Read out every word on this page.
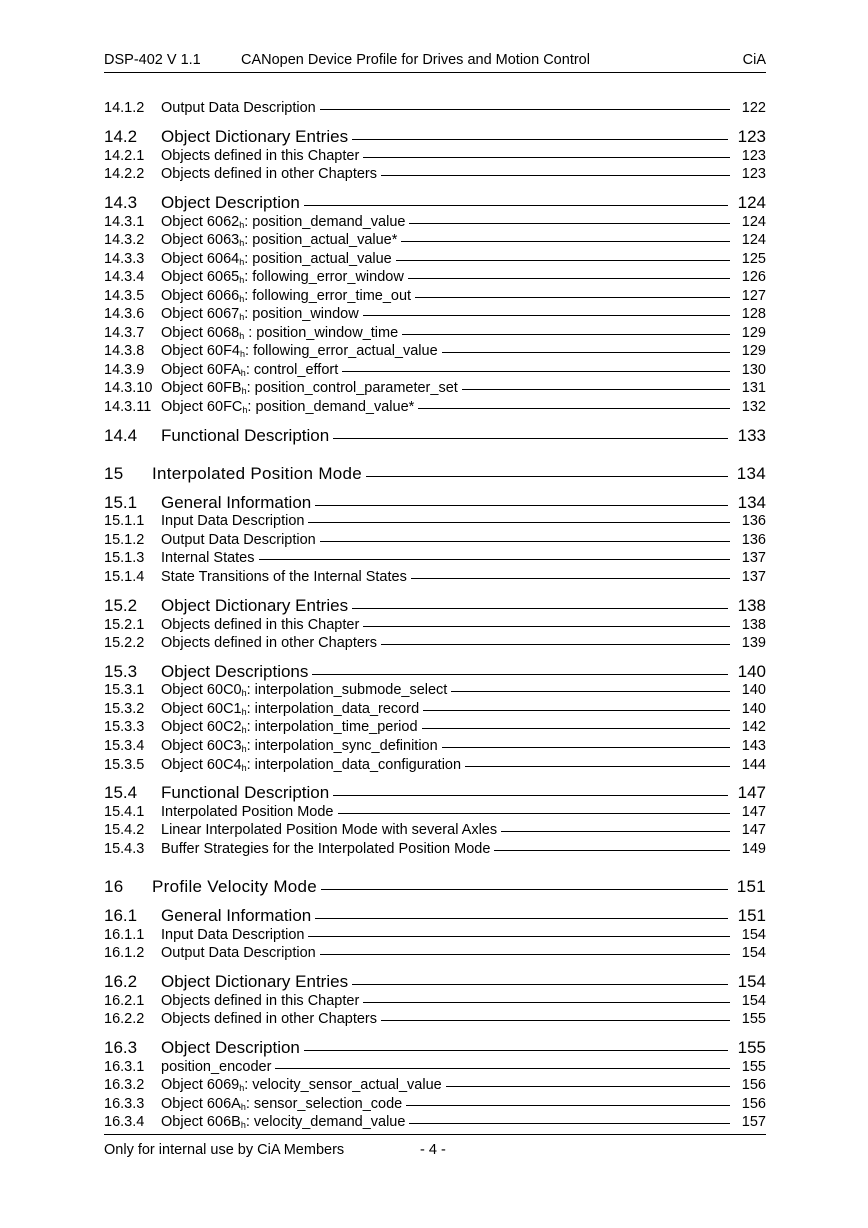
DSP-402 V 1.1	CANopen Device Profile for Drives and Motion Control	CiA
14.1.2	Output Data Description	122
14.2	Object Dictionary Entries	123
14.2.1	Objects defined in this Chapter	123
14.2.2	Objects defined in other Chapters	123
14.3	Object Description	124
14.3.1	Object $6062_h$: position_demand_value	124
14.3.2	Object $6063_h$: position_actual_value*	124
14.3.3	Object $6064_h$: position_actual_value	125
14.3.4	Object $6065_h$: following_error_window	126
14.3.5	Object $6066_h$: following_error_time_out	127
14.3.6	Object $6067_h$: position_window	128
14.3.7	Object $6068_h$ : position_window_time	129
14.3.8	Object $60F4_h$: following_error_actual_value	129
14.3.9	Object $60FA_h$: control_effort	130
14.3.10 Object $60FB_h$: position_control_parameter_set	131
14.3.11 Object $60FC_h$: position_demand_value*	132
14.4	Functional Description	133
15	Interpolated Position Mode	134
15.1	General Information	134
15.1.1	Input Data Description	136
15.1.2	Output Data Description	136
15.1.3	Internal States	137
15.1.4	State Transitions of the Internal States	137
15.2	Object Dictionary Entries	138
15.2.1	Objects defined in this Chapter	138
15.2.2	Objects defined in other Chapters	139
15.3	Object Descriptions	140
15.3.1	Object $60C0_h$: interpolation_submode_select	140
15.3.2	Object $60C1_h$: interpolation_data_record	140
15.3.3	Object $60C2_h$: interpolation_time_period	142
15.3.4	Object $60C3_h$: interpolation_sync_definition	143
15.3.5	Object $60C4_h$: interpolation_data_configuration	144
15.4	Functional Description	147
15.4.1	Interpolated Position Mode	147
15.4.2	Linear Interpolated Position Mode with several Axles	147
15.4.3	Buffer Strategies for the Interpolated Position Mode	149
16	Profile Velocity Mode	151
16.1	General Information	151
16.1.1	Input Data Description	154
16.1.2	Output Data Description	154
16.2	Object Dictionary Entries	154
16.2.1	Objects defined in this Chapter	154
16.2.2	Objects defined in other Chapters	155
16.3	Object Description	155
16.3.1	position_encoder	155
16.3.2	Object $6069_h$: velocity_sensor_actual_value	156
16.3.3	Object $606A_h$: sensor_selection_code	156
16.3.4	Object $606B_h$: velocity_demand_value	157
Only for internal use by CiA Members	- 4 -
